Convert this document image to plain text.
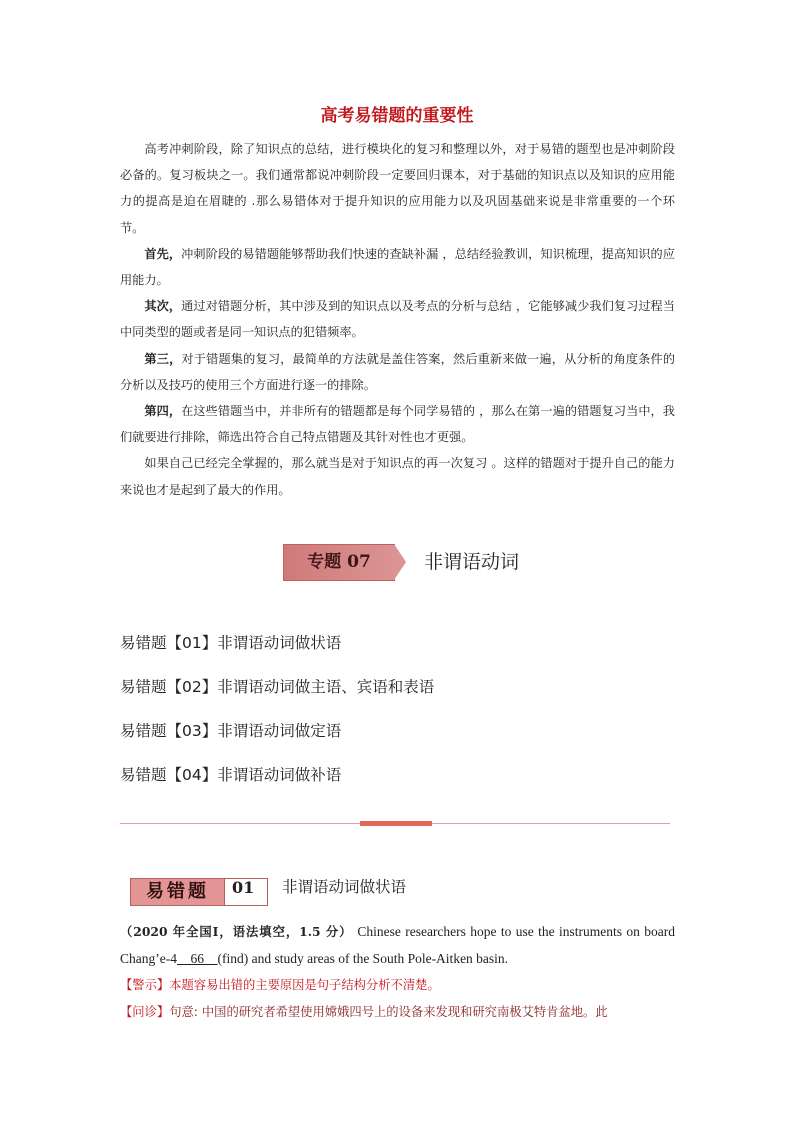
高考易错题的重要性

高考冲刺阶段，除了知识点的总结，进行模块化的复习和整理以外，对于易错的题型也是冲刺阶段必备的。复习板块之一。我们通常都说冲刺阶段一定要回归课本，对于基础的知识点以及知识的应用能力的提高是迫在眉睫的 .那么易错体对于提升知识的应用能力以及巩固基础来说是非常重要的一个环节。

首先，冲刺阶段的易错题能够帮助我们快速的查缺补漏 ，总结经验教训，知识梳理，提高知识的应用能力。

其次，通过对错题分析，其中涉及到的知识点以及考点的分析与总结 ，它能够减少我们复习过程当中同类型的题或者是同一知识点的犯错频率。

第三，对于错题集的复习，最简单的方法就是盖住答案，然后重新来做一遍，从分析的角度条件的分析以及技巧的使用三个方面进行逐一的排除。

第四，在这些错题当中，并非所有的错题都是每个同学易错的 ，那么在第一遍的错题复习当中，我们就要进行排除，筛选出符合自己特点错题及其针对性也才更强。

如果自己已经完全掌握的，那么就当是对于知识点的再一次复习 。这样的错题对于提升自己的能力来说也才是起到了最大的作用。

专题 07	非谓语动词
易错题【01】非谓语动词做状语
易错题【02】非谓语动词做主语、宾语和表语
易错题【03】非谓语动词做定语
易错题【04】非谓语动词做补语
易错题	01	非谓语动词做状语

（2020 年全国Ⅰ，语法填空，1.5 分） Chinese researchers hope to use the instruments on board Chang’e-4 66 (find) and study areas of the South Pole-Aitken basin.

【警示】本题容易出错的主要原因是句子结构分析不清楚。

【问诊】句意: 中国的研究者希望使用嫦娥四号上的设备来发现和研究南极艾特肯盆地。此
